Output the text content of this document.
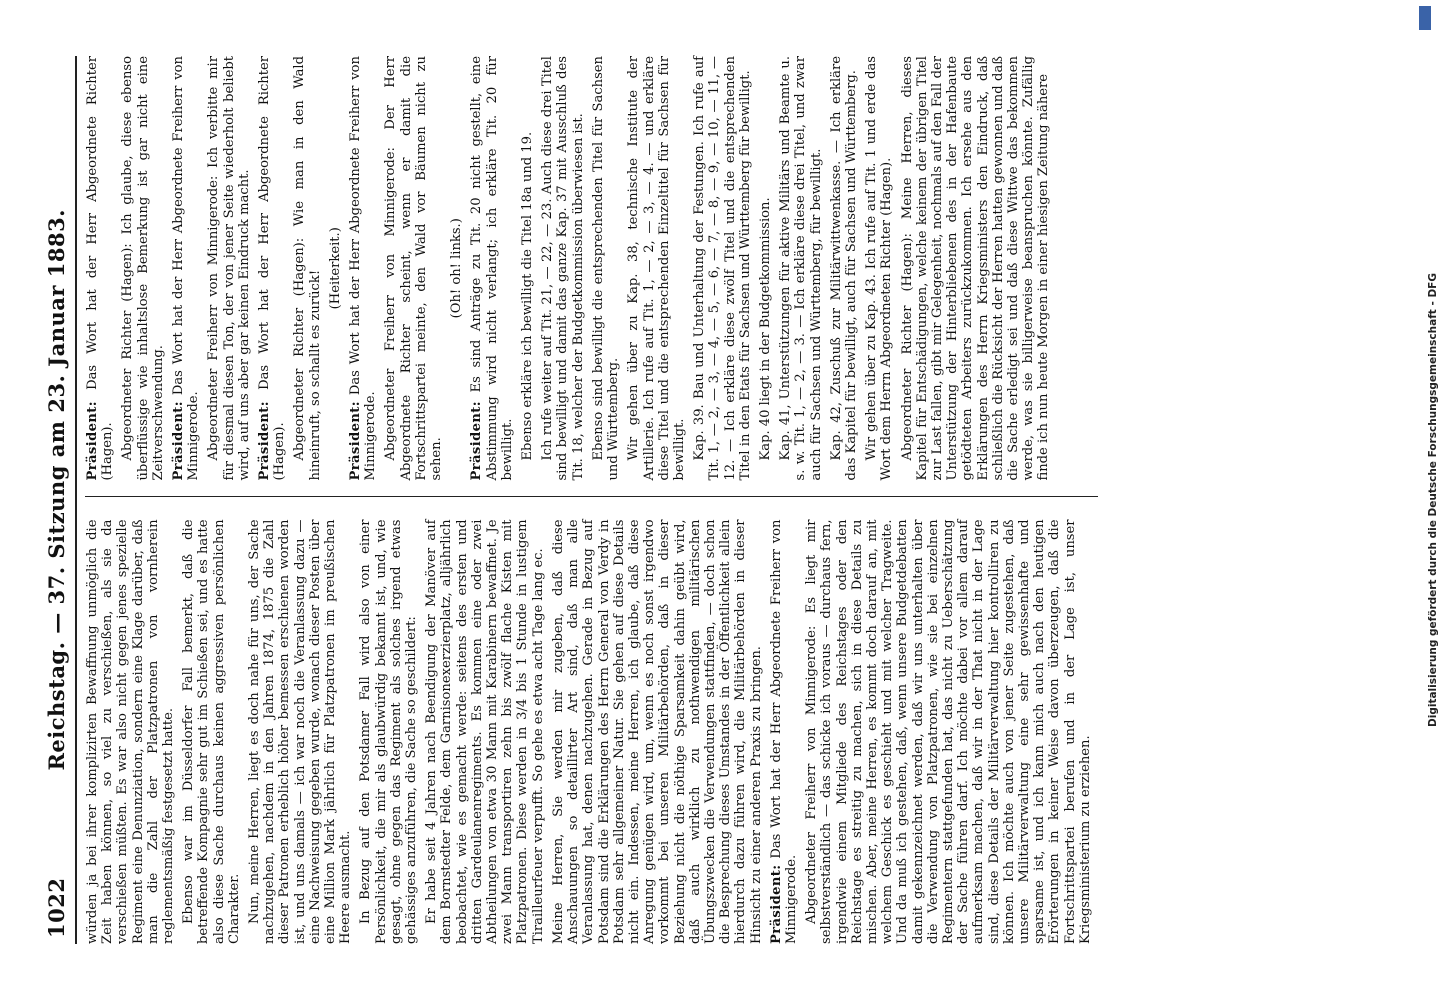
1022
Reichstag. — 37. Sitzung am 23. Januar 1883. würden ja bei ihrer komplizirten Bewaffnung unmöglich die Zeit haben können, so viel zu verschießen, als sie da verschießen müßten. Es war also nicht gegen jenes spezielle Regiment eine Denunziation, sondern eine Klage darüber, daß man die Zahl der Platzpatronen von vornherein reglementsmäßig festgesetzt hatte. Ebenso war im Düsseldorfer Fall bemerkt, daß die betreffende Kompagnie sehr gut im Schießen sei, und es hatte also diese Sache durchaus keinen aggressiven persönlichen Charakter. Nun, meine Herren, liegt es doch nahe für uns, der Sache nachzugehen, nachdem in den Jahren 1874, 1875 die Zahl dieser Patronen erheblich höher bemessen erschienen worden ist, und uns damals — ich war noch die Veranlassung dazu — eine Nachweisung gegeben wurde, wonach dieser Posten über eine Million Mark jährlich für Platzpatronen im preußischen Heere ausmacht. In Bezug auf den Potsdamer Fall wird also von einer Persönlichkeit, die mir als glaubwürdig bekannt ist, und, wie gesagt, ohne gegen das Regiment als solches irgend etwas gehässiges anzuführen, die Sache so geschildert: Er habe seit 4 Jahren nach Beendigung der Manöver auf dem Bornstedter Felde, dem Garnisonexerzierplatz, alljährlich beobachtet, wie es gemacht werde: seitens des ersten und dritten Gardeulanenregiments. Es kommen eine oder zwei Abtheilungen von etwa 30 Mann mit Karabinern bewaffnet. Je zwei Mann transportiren zehn bis zwölf flache Kisten mit Platzpatronen. Diese werden in 3/4 bis 1 Stunde in lustigem Tirailleurfeuer verpufft. So gehe es etwa acht Tage lang ec. Meine Herren, Sie werden mir zugeben, daß diese Anschauungen so detaillirter Art sind, daß man alle Veranlassung hat, denen nachzugehen. Gerade in Bezug auf Potsdam sind die Erklärungen des Herrn General von Verdy in Potsdam sehr allgemeiner Natur. Sie gehen auf diese Details nicht ein. Indessen, meine Herren, ich glaube, daß diese Anregung genügen wird, um, wenn es noch sonst irgendwo vorkommt bei unseren Militärbehörden, daß in dieser Beziehung nicht die nöthige Sparsamkeit dahin geübt wird, daß auch wirklich zu nothwendigen militärischen Übungszwecken die Verwendungen stattfinden, — doch schon die Besprechung dieses Umstandes in der Öffentlichkeit allein hierdurch dazu führen wird, die Militärbehörden in dieser Hinsicht zu einer anderen Praxis zu bringen. Präsident: Das Wort hat der Herr Abgeordnete Freiherr von Minnigerode. Abgeordneter Freiherr von Minnigerode: Es liegt mir selbstverständlich — das schicke ich voraus — durchaus fern, irgendwie einem Mitgliede des Reichstages oder den Reichstage es streitig zu machen, sich in diese Details zu mischen. Aber, meine Herren, es kommt doch darauf an, mit welchem Geschick es geschieht und mit welcher Tragweite. Und da muß ich gestehen, daß, wenn unsere Budgetdebatten damit gekennzeichnet werden, daß wir uns unterhalten über die Verwendung von Platzpatronen, wie sie bei einzelnen Regimentern stattgefunden hat, das nicht zu Ueberschätzung der Sache führen darf. Ich möchte dabei vor allem darauf aufmerksam machen, daß wir in der That nicht in der Lage sind, diese Details der Militärverwaltung hier kontrolliren zu können. Ich möchte auch von jener Seite zugestehen, daß unsere Militärverwaltung eine sehr gewissenhafte und sparsame ist, und ich kann mich auch nach den heutigen Erörterungen in keiner Weise davon überzeugen, daß die Fortschrittspartei berufen und in der Lage ist, unser Kriegsministerium zu erziehen.

Präsident: Das Wort hat der Herr Abgeordnete Richter (Hagen). Abgeordneter Richter (Hagen): Ich glaube, diese ebenso überflüssige wie inhaltslose Bemerkung ist gar nicht eine Zeitverschwendung. Präsident: Das Wort hat der Herr Abgeordnete Freiherr von Minnigerode. Abgeordneter Freiherr von Minnigerode: Ich verbitte mir für diesmal diesen Ton, der von jener Seite wiederholt beliebt wird, auf uns aber gar keinen Eindruck macht. Präsident: Das Wort hat der Herr Abgeordnete Richter (Hagen). Abgeordneter Richter (Hagen): Wie man in den Wald hineinruft, so schallt es zurück!

(Heiterkeit.)

Präsident: Das Wort hat der Herr Abgeordnete Freiherr von Minnigerode. Abgeordneter Freiherr von Minnigerode: Der Herr Abgeordnete Richter scheint, wenn er damit die Fortschrittspartei meinte, den Wald vor Bäumen nicht zu sehen.

(Oh! oh! links.)

Präsident: Es sind Anträge zu Tit. 20 nicht gestellt, eine Abstimmung wird nicht verlangt; ich erkläre Tit. 20 für bewilligt. Ebenso erkläre ich bewilligt die Titel 18a und 19. Ich rufe weiter auf Tit. 21, — 22, — 23. Auch diese drei Titel sind bewilligt und damit das ganze Kap. 37 mit Ausschluß des Tit. 18, welcher der Budgetkommission überwiesen ist. Ebenso sind bewilligt die entsprechenden Titel für Sachsen und Württemberg. Wir gehen über zu Kap. 38, technische Institute der Artillerie. Ich rufe auf Tit. 1, — 2, — 3, — 4. — und erkläre diese Titel und die entsprechenden Einzeltitel für Sachsen für bewilligt. Kap. 39. Bau und Unterhaltung der Festungen. Ich rufe auf Tit. 1, — 2, — 3, — 4, — 5, — 6, — 7, — 8, — 9, — 10, — 11, — 12. — Ich erkläre diese zwölf Titel und die entsprechenden Titel in den Etats für Sachsen und Württemberg für bewilligt. Kap. 40 liegt in der Budgetkommission. Kap. 41, Unterstützungen für aktive Militärs und Beamte u. s. w. Tit. 1, — 2, — 3. — Ich erkläre diese drei Titel, und zwar auch für Sachsen und Württemberg, für bewilligt. Kap. 42, Zuschuß zur Militärwittwenkasse. — Ich erkläre das Kapitel für bewilligt, auch für Sachsen und Württemberg. Wir gehen über zu Kap. 43. Ich rufe auf Tit. 1 und erde das Wort dem Herrn Abgeordneten Richter (Hagen). Abgeordneter Richter (Hagen): Meine Herren, dieses Kapitel für Entschädigungen, welche keinem der übrigen Titel zur Last fallen, gibt mir Gelegenheit, nochmals auf den Fall der Unterstützung der Hinterbliebenen des in der Hafenbaute getödteten Arbeiters zurückzukommen. Ich ersehe aus den Erklärungen des Herrn Kriegsministers den Eindruck, daß schließlich die Rücksicht der Herren hatten gewonnen und daß die Sache erledigt sei und daß diese Wittwe das bekommen werde, was sie billigerweise beanspruchen könnte. Zufällig finde ich nun heute Morgen in einer hiesigen Zeitung nähere	Digitalisierung gefördert durch die Deutsche Forschungsgemeinschaft - DFG
